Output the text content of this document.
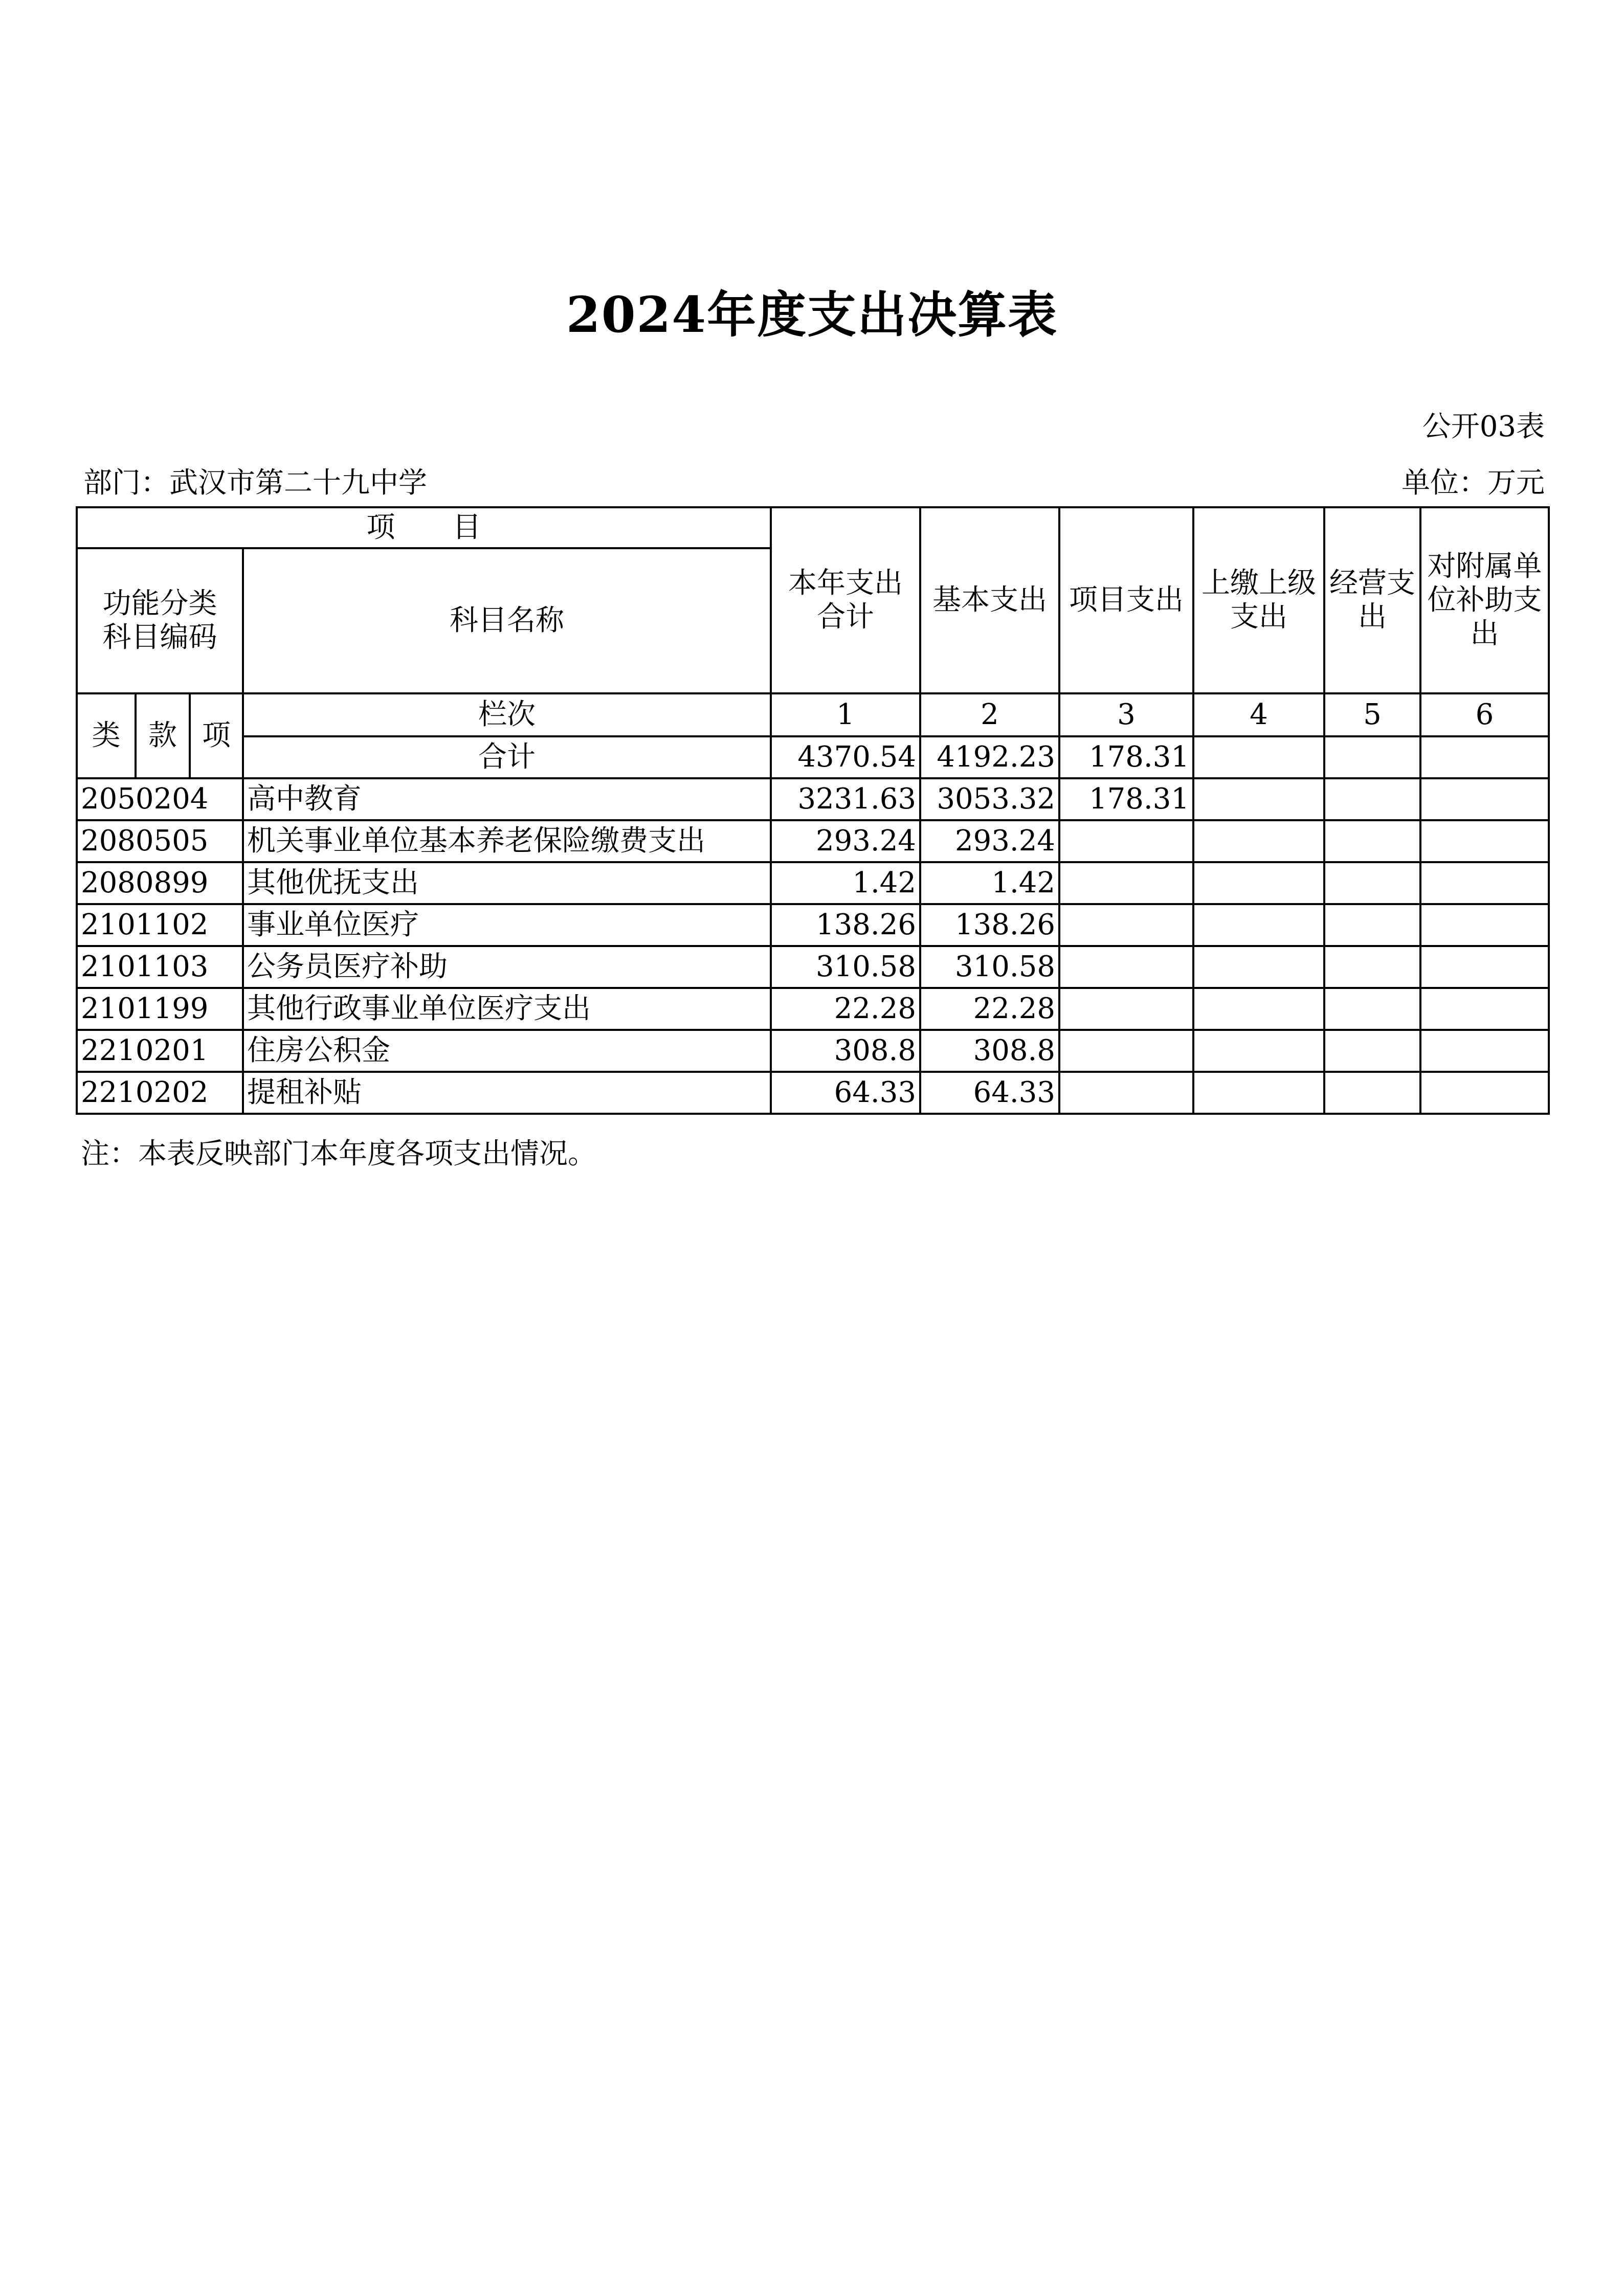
2024年度支出决算表
公开03表
部门：武汉市第二十九中学	单位：万元
项　　目				本年支出合计	基本支出	项目支出	上缴上级支出	经营支出	对附属单位补助支出
功能分类科目编码			科目名称						
类	款	项	栏次	1	2	3	4	5	6
			合计	4370.54	4192.23	178.31			
2050204			高中教育	3231.63	3053.32	178.31			
2080505			机关事业单位基本养老保险缴费支出	293.24	293.24				
2080899			其他优抚支出	1.42	1.42				
2101102			事业单位医疗	138.26	138.26				
2101103			公务员医疗补助	310.58	310.58				
2101199			其他行政事业单位医疗支出	22.28	22.28				
2210201			住房公积金	308.8	308.8				
2210202			提租补贴	64.33	64.33				
注：本表反映部门本年度各项支出情况。
